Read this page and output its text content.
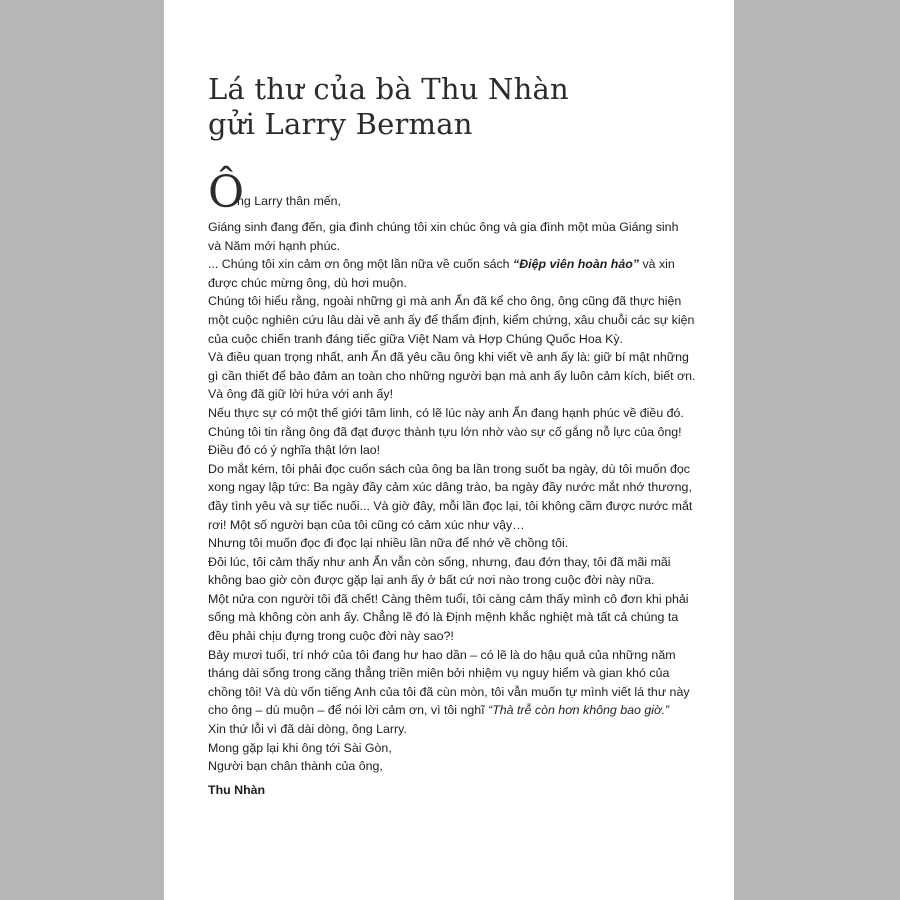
Lá thư của bà Thu Nhàn
gửi Larry Berman
Ô
ng Larry thân mến,

Giáng sinh đang đến, gia đình chúng tôi xin chúc ông và gia đình một mùa Giáng sinh
và Năm mới hạnh phúc.

... Chúng tôi xin cảm ơn ông một lần nữa về cuốn sách “Điệp viên hoàn hảo” và xin
được chúc mừng ông, dù hơi muộn.

Chúng tôi hiểu rằng, ngoài những gì mà anh Ẩn đã kể cho ông, ông cũng đã thực hiện
một cuộc nghiên cứu lâu dài về anh ấy để thẩm định, kiểm chứng, xâu chuỗi các sự kiện
của cuộc chiến tranh đáng tiếc giữa Việt Nam và Hợp Chúng Quốc Hoa Kỳ.

Và điều quan trọng nhất, anh Ẩn đã yêu cầu ông khi viết về anh ấy là: giữ bí mật những
gì cần thiết để bảo đảm an toàn cho những người bạn mà anh ấy luôn cảm kích, biết ơn.
Và ông đã giữ lời hứa với anh ấy!

Nếu thực sự có một thế giới tâm linh, có lẽ lúc này anh Ẩn đang hạnh phúc về điều đó.

Chúng tôi tin rằng ông đã đạt được thành tựu lớn nhờ vào sự cố gắng nỗ lực của ông!

Điều đó có ý nghĩa thật lớn lao!

Do mắt kém, tôi phải đọc cuốn sách của ông ba lần trong suốt ba ngày, dù tôi muốn đọc
xong ngay lập tức: Ba ngày đầy cảm xúc dâng trào, ba ngày đầy nước mắt nhớ thương,
đầy tình yêu và sự tiếc nuối... Và giờ đây, mỗi lần đọc lại, tôi không cầm được nước mắt
rơi! Một số người bạn của tôi cũng có cảm xúc như vậy…

Nhưng tôi muốn đọc đi đọc lại nhiều lần nữa để nhớ về chồng tôi.

Đôi lúc, tôi cảm thấy như anh Ẩn vẫn còn sống, nhưng, đau đớn thay, tôi đã mãi mãi
không bao giờ còn được gặp lại anh ấy ở bất cứ nơi nào trong cuộc đời này nữa.

Một nửa con người tôi đã chết! Càng thêm tuổi, tôi càng cảm thấy mình cô đơn khi phải
sống mà không còn anh ấy. Chẳng lẽ đó là Định mệnh khắc nghiệt mà tất cả chúng ta
đều phải chịu đựng trong cuộc đời này sao?!

Bảy mươi tuổi, trí nhớ của tôi đang hư hao dần – có lẽ là do hậu quả của những năm
tháng dài sống trong căng thẳng triền miên bởi nhiệm vụ nguy hiểm và gian khó của
chồng tôi! Và dù vốn tiếng Anh của tôi đã cùn mòn, tôi vẫn muốn tự mình viết lá thư này
cho ông – dù muộn – để nói lời cảm ơn, vì tôi nghĩ “Thà trễ còn hơn không bao giờ.”

Xin thứ lỗi vì đã dài dòng, ông Larry.

Mong gặp lại khi ông tới Sài Gòn,

Người bạn chân thành của ông,

Thu Nhàn
